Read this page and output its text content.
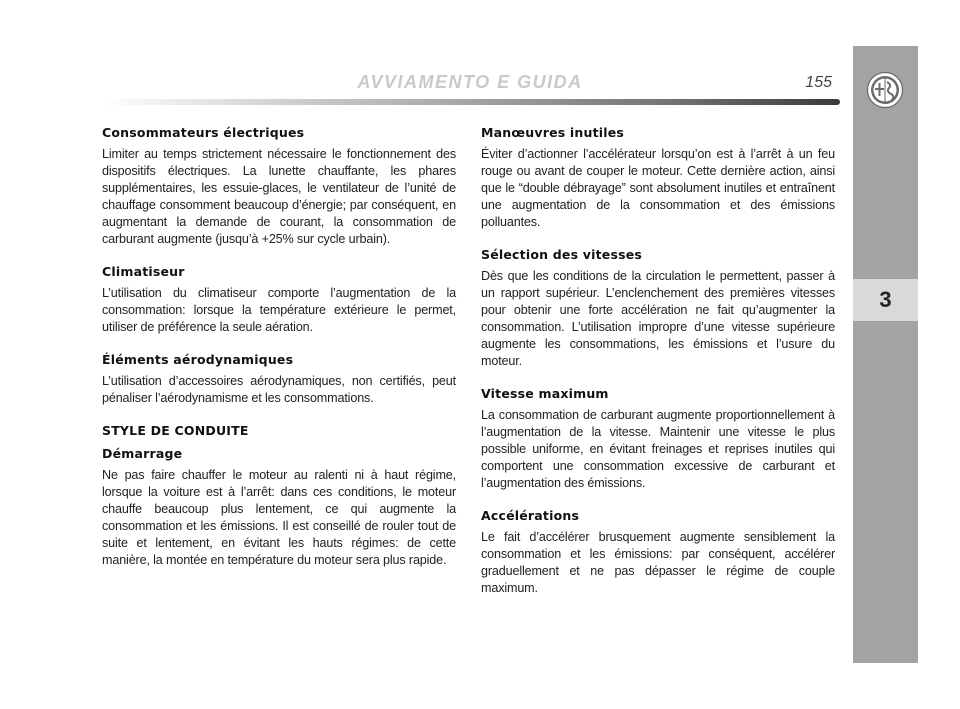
AVVIAMENTO E GUIDA	155
3
Consommateurs électriques
Limiter au temps strictement nécessaire le fonctionnement des dispositifs électriques. La lunette chauffante, les phares supplémentaires, les essuie-glaces, le ventilateur de l’unité de chauffage consomment beaucoup d’énergie; par conséquent, en augmentant la demande de courant, la consommation de carburant augmente (jusqu’à +25% sur cycle urbain).
Climatiseur
L’utilisation du climatiseur comporte l’augmentation de la consommation: lorsque la température extérieure le permet, utiliser de préférence la seule aération.
Éléments aérodynamiques
L’utilisation d’accessoires aérodynamiques, non certifiés, peut pénaliser l’aérodynamisme et les consommations.
STYLE DE CONDUITE
Démarrage
Ne pas faire chauffer le moteur au ralenti ni à haut régime, lorsque la voiture est à l’arrêt: dans ces conditions, le moteur chauffe beaucoup plus lentement, ce qui augmente la consommation et les émissions. Il est conseillé de rouler tout de suite et lentement, en évitant les hauts régimes: de cette manière, la montée en température du moteur sera plus rapide.
Manœuvres inutiles
Éviter d’actionner l’accélérateur lorsqu’on est à l’arrêt à un feu rouge ou avant de couper le moteur. Cette dernière action, ainsi que le “double débrayage” sont absolument inutiles et entraînent une augmentation de la consommation et des émissions polluantes.
Sélection des vitesses
Dès que les conditions de la circulation le permettent, passer à un rapport supérieur. L’enclenchement des premières vitesses pour obtenir une forte accélération ne fait qu’augmenter la consommation. L’utilisation impropre d’une vitesse supérieure augmente les consommations, les émissions et l’usure du moteur.
Vitesse maximum
La consommation de carburant augmente proportionnellement à l’augmentation de la vitesse. Maintenir une vitesse le plus possible uniforme, en évitant freinages et reprises inutiles qui comportent une consommation excessive de carburant et l’augmentation des émissions.
Accélérations
Le fait d’accélérer brusquement augmente sensiblement la consommation et les émissions: par conséquent, accélérer graduellement et ne pas dépasser le régime de couple maximum.
